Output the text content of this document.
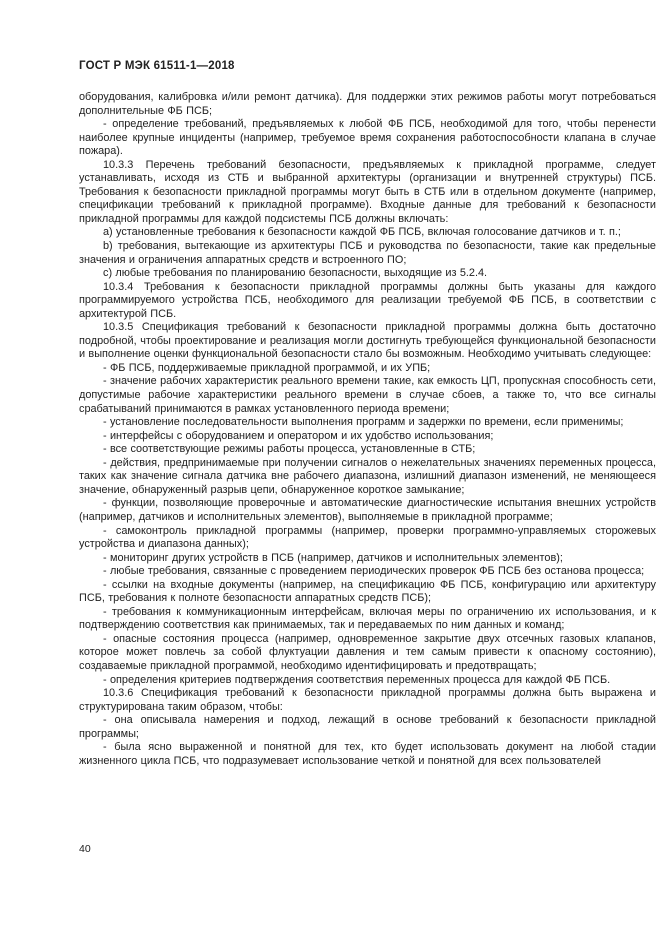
ГОСТ Р МЭК 61511-1—2018

оборудования, калибровка и/или ремонт датчика). Для поддержки этих режимов работы могут потребоваться дополнительные ФБ ПСБ;

- определение требований, предъявляемых к любой ФБ ПСБ, необходимой для того, чтобы перенести наиболее крупные инциденты (например, требуемое время сохранения работоспособности клапана в случае пожара).

10.3.3 Перечень требований безопасности, предъявляемых к прикладной программе, следует устанавливать, исходя из СТБ и выбранной архитектуры (организации и внутренней структуры) ПСБ. Требования к безопасности прикладной программы могут быть в СТБ или в отдельном документе (например, спецификации требований к прикладной программе). Входные данные для требований к безопасности прикладной программы для каждой подсистемы ПСБ должны включать:

а) установленные требования к безопасности каждой ФБ ПСБ, включая голосование датчиков и т. п.;

b) требования, вытекающие из архитектуры ПСБ и руководства по безопасности, такие как предельные значения и ограничения аппаратных средств и встроенного ПО;

c) любые требования по планированию безопасности, выходящие из 5.2.4.

10.3.4 Требования к безопасности прикладной программы должны быть указаны для каждого программируемого устройства ПСБ, необходимого для реализации требуемой ФБ ПСБ, в соответствии с архитектурой ПСБ.

10.3.5 Спецификация требований к безопасности прикладной программы должна быть достаточно подробной, чтобы проектирование и реализация могли достигнуть требующейся функциональной безопасности и выполнение оценки функциональной безопасности стало бы возможным. Необходимо учитывать следующее:

- ФБ ПСБ, поддерживаемые прикладной программой, и их УПБ;

- значение рабочих характеристик реального времени такие, как емкость ЦП, пропускная способность сети, допустимые рабочие характеристики реального времени в случае сбоев, а также то, что все сигналы срабатываний принимаются в рамках установленного периода времени;

- установление последовательности выполнения программ и задержки по времени, если применимы;

- интерфейсы с оборудованием и оператором и их удобство использования;

- все соответствующие режимы работы процесса, установленные в СТБ;

- действия, предпринимаемые при получении сигналов о нежелательных значениях переменных процесса, таких как значение сигнала датчика вне рабочего диапазона, излишний диапазон изменений, не меняющееся значение, обнаруженный разрыв цепи, обнаруженное короткое замыкание;

- функции, позволяющие проверочные и автоматические диагностические испытания внешних устройств (например, датчиков и исполнительных элементов), выполняемые в прикладной программе;

- самоконтроль прикладной программы (например, проверки программно-управляемых сторожевых устройства и диапазона данных);

- мониторинг других устройств в ПСБ (например, датчиков и исполнительных элементов);

- любые требования, связанные с проведением периодических проверок ФБ ПСБ без останова процесса;

- ссылки на входные документы (например, на спецификацию ФБ ПСБ, конфигурацию или архитектуру ПСБ, требования к полноте безопасности аппаратных средств ПСБ);

- требования к коммуникационным интерфейсам, включая меры по ограничению их использования, и к подтверждению соответствия как принимаемых, так и передаваемых по ним данных и команд;

- опасные состояния процесса (например, одновременное закрытие двух отсечных газовых клапанов, которое может повлечь за собой флуктуации давления и тем самым привести к опасному состоянию), создаваемые прикладной программой, необходимо идентифицировать и предотвращать;

- определения критериев подтверждения соответствия переменных процесса для каждой ФБ ПСБ.

10.3.6 Спецификация требований к безопасности прикладной программы должна быть выражена и структурирована таким образом, чтобы:

- она описывала намерения и подход, лежащий в основе требований к безопасности прикладной программы;

- была ясно выраженной и понятной для тех, кто будет использовать документ на любой стадии жизненного цикла ПСБ, что подразумевает использование четкой и понятной для всех пользователей

40
